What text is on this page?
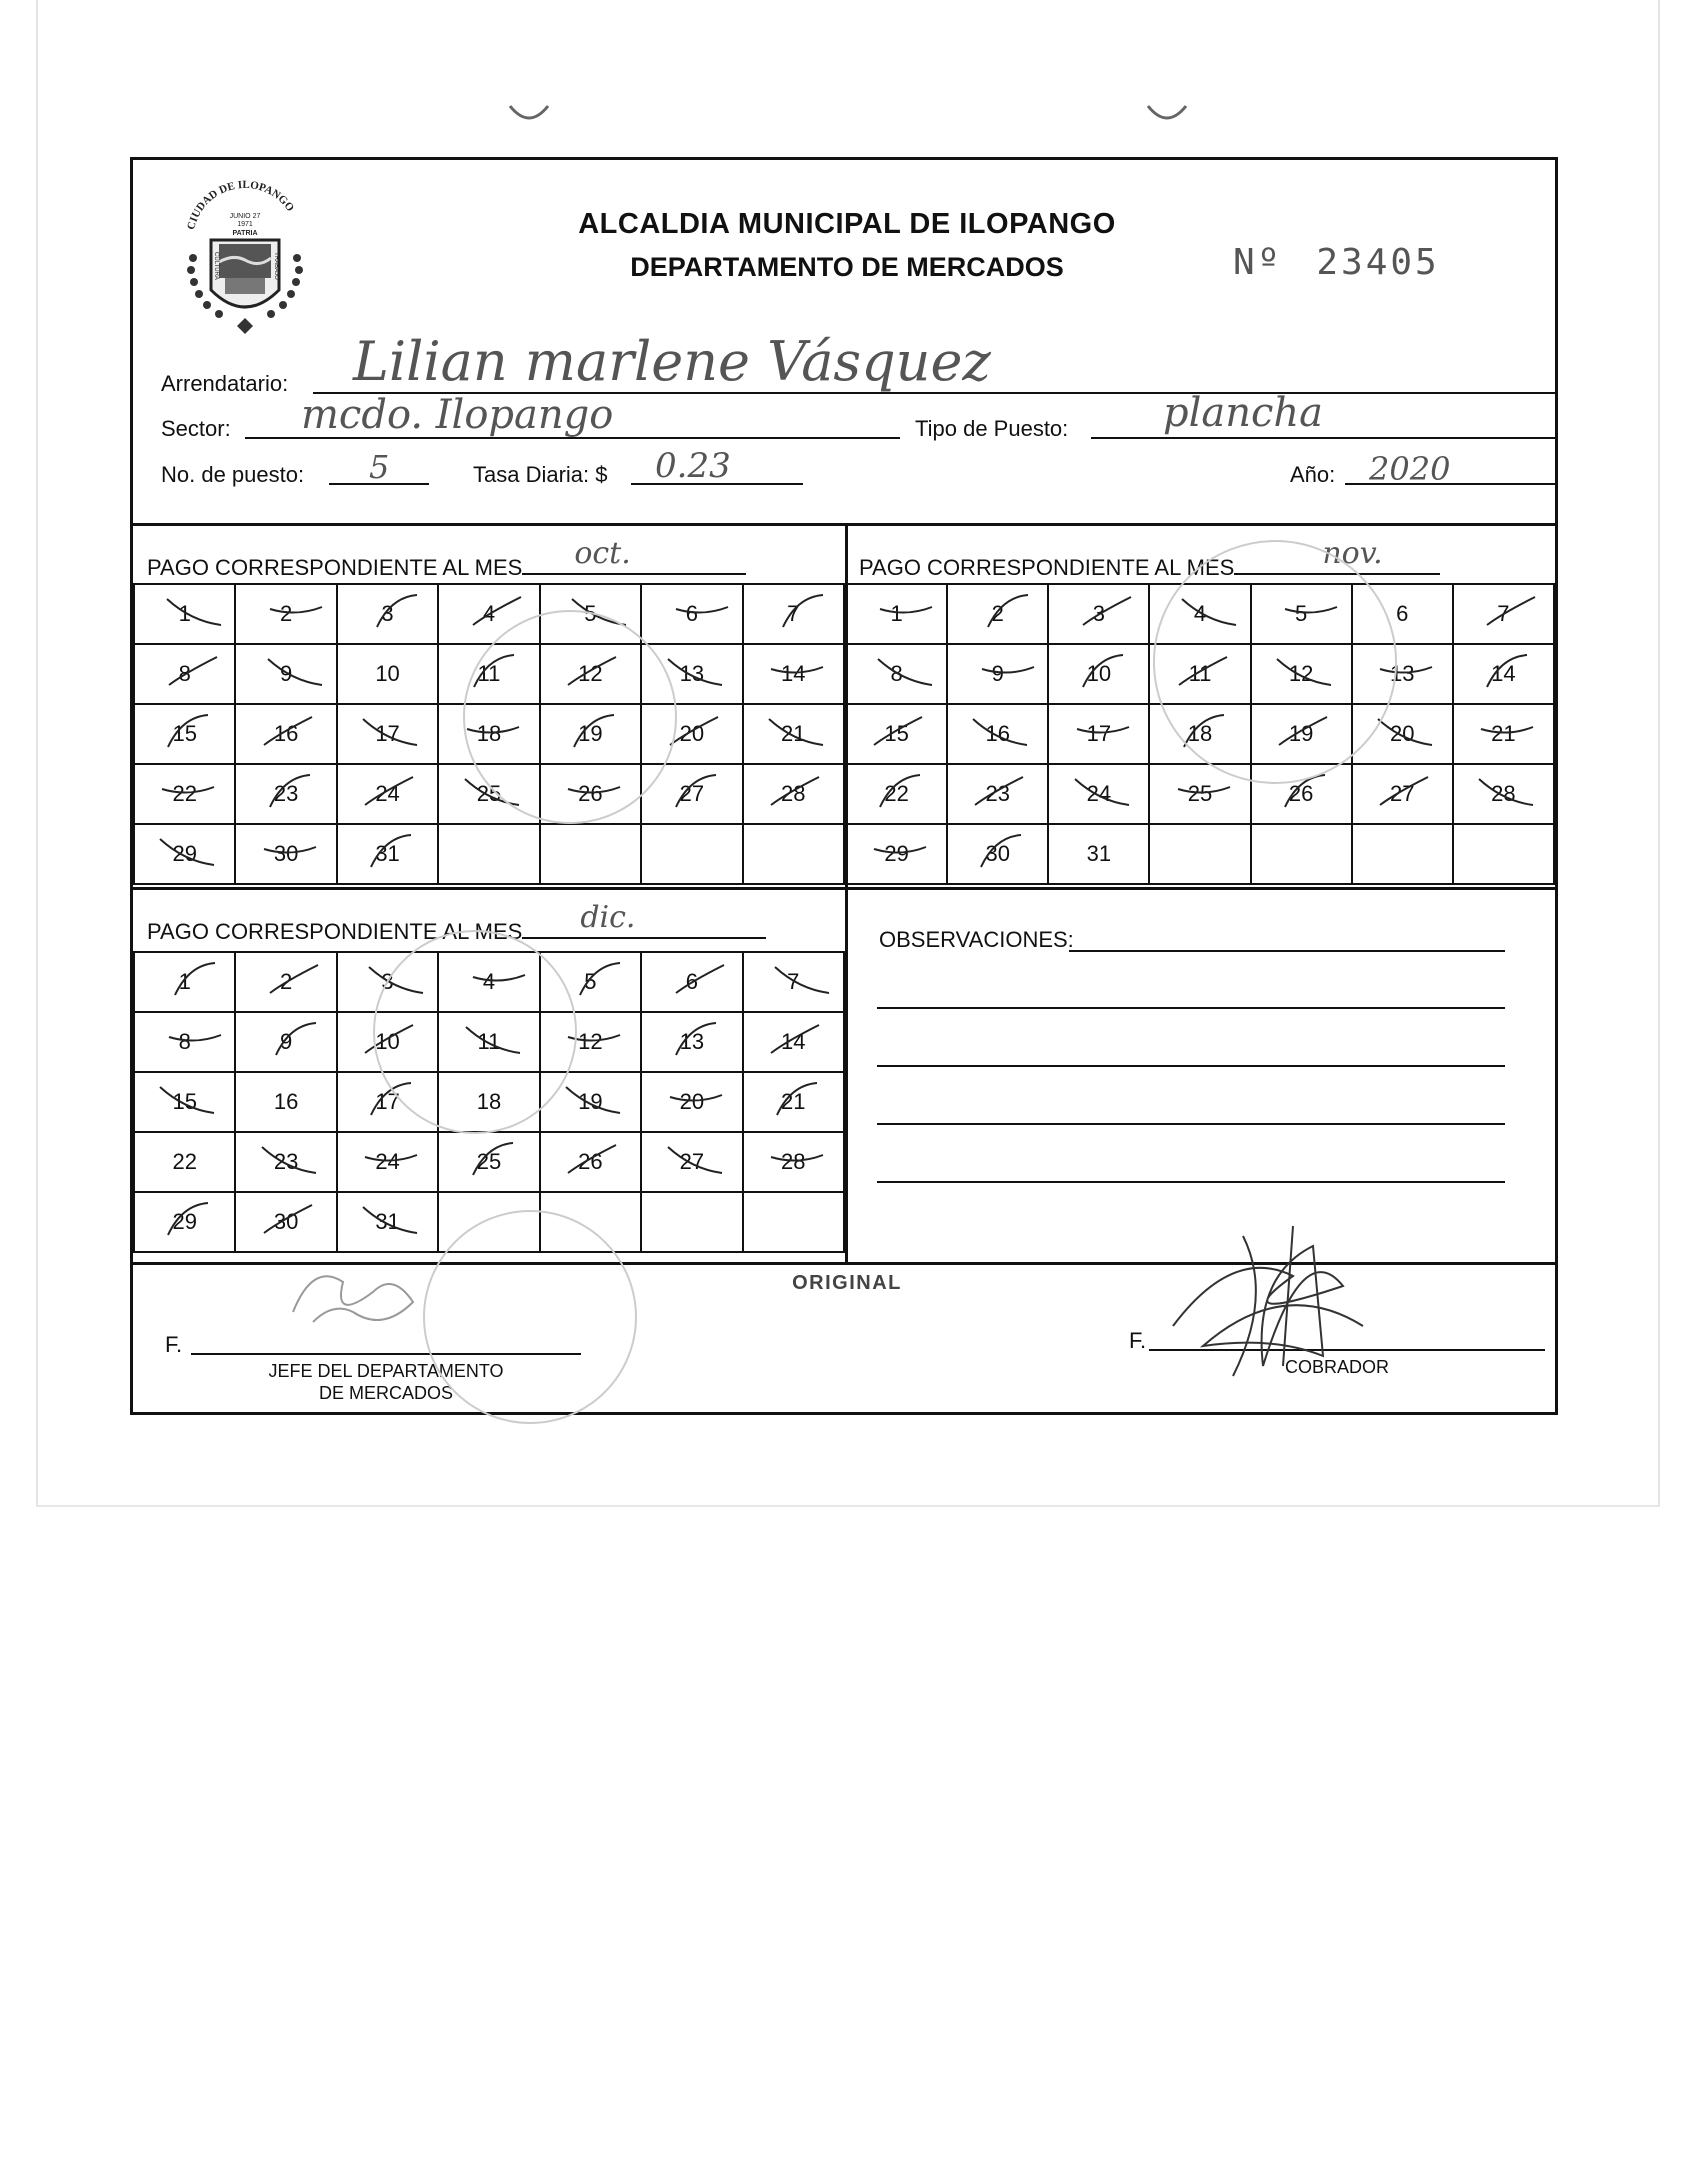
CIUDAD DE ILOPANGO
JUNIO 27
1971
PATRIA
CULTURA	TRABAJO
ALCALDIA MUNICIPAL DE ILOPANGO
DEPARTAMENTO DE MERCADOS	Nº 23405
Arrendatario: Lilian marlene Vásquez
Sector: mcdo. Ilopango	Tipo de Puesto: plancha
No. de puesto: 5	Tasa Diaria: $ 0.23	Año: 2020
PAGO CORRESPONDIENTE AL MES oct.
1	2	3	4	5	6	7

8	9	10	11	12	13	14

15	16	17	18	19	20	21

22	23	24	25	26	27	28

29	30	31

PAGO CORRESPONDIENTE AL MES	nov.
1	2	3	4	5	6	7

8	9	10	11	12	13	14

15	16	17	18	19	20	21

22	23	24	25	26	27	28

29	30	31				
PAGO CORRESPONDIENTE AL MES dic.
1	2	3	4	5	6	7

8	9	10	11	12	13	14

15	16	17	18	19	20	21

22	23	24	25	26	27	28

29	30	31

OBSERVACIONES:
ORIGINAL
F.
JEFE DEL DEPARTAMENTO
DE MERCADOS
F.
COBRADOR
